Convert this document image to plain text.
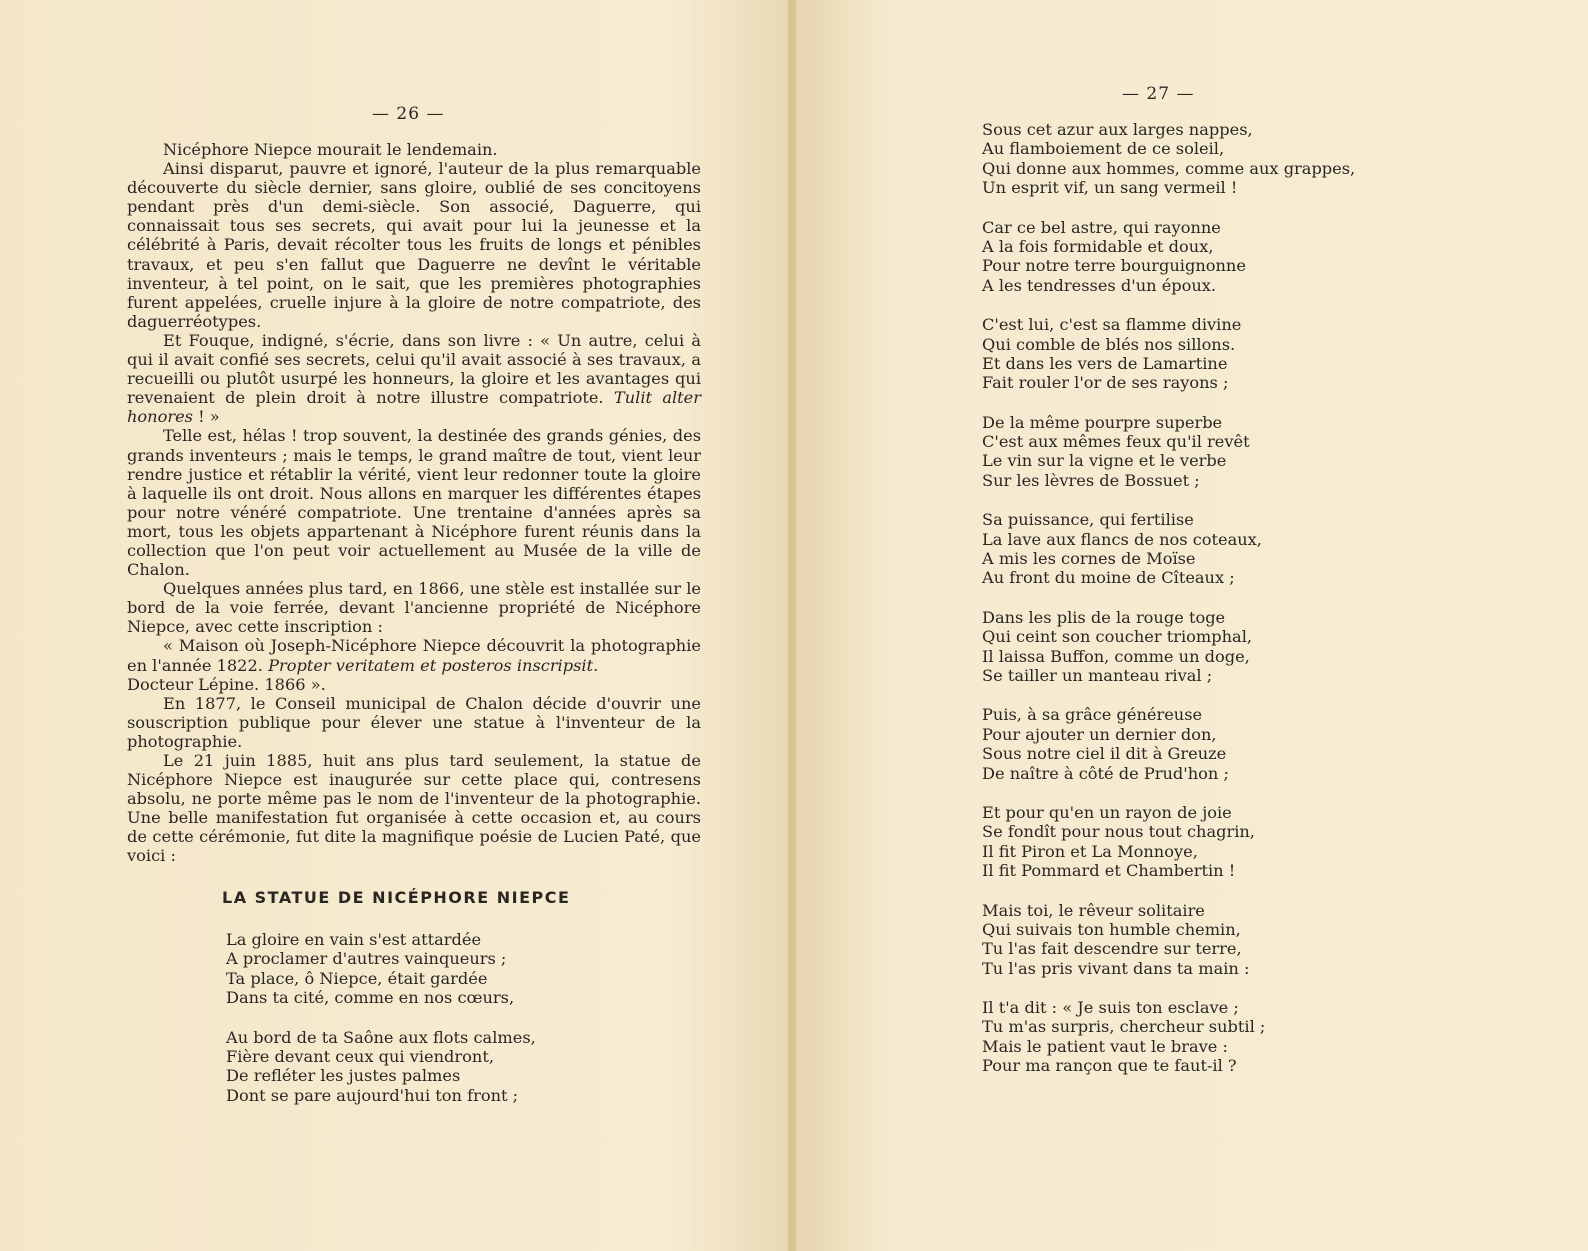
— 26 —

Nicéphore Niepce mourait le lendemain.

Ainsi disparut, pauvre et ignoré, l'auteur de la plus remarquable découverte du siècle dernier, sans gloire, oublié de ses concitoyens pendant près d'un demi-siècle. Son associé, Daguerre, qui connaissait tous ses secrets, qui avait pour lui la jeunesse et la célébrité à Paris, devait récolter tous les fruits de longs et pénibles travaux, et peu s'en fallut que Daguerre ne devînt le véritable inventeur, à tel point, on le sait, que les premières photographies furent appelées, cruelle injure à la gloire de notre compatriote, des daguerréotypes.

Et Fouque, indigné, s'écrie, dans son livre : « Un autre, celui à qui il avait confié ses secrets, celui qu'il avait associé à ses travaux, a recueilli ou plutôt usurpé les honneurs, la gloire et les avantages qui revenaient de plein droit à notre illustre compatriote. Tulit alter honores ! »

Telle est, hélas ! trop souvent, la destinée des grands génies, des grands inventeurs ; mais le temps, le grand maître de tout, vient leur rendre justice et rétablir la vérité, vient leur redonner toute la gloire à laquelle ils ont droit. Nous allons en marquer les différentes étapes pour notre vénéré compatriote. Une trentaine d'années après sa mort, tous les objets appartenant à Nicéphore furent réunis dans la collection que l'on peut voir actuellement au Musée de la ville de Chalon.

Quelques années plus tard, en 1866, une stèle est installée sur le bord de la voie ferrée, devant l'ancienne propriété de Nicéphore Niepce, avec cette inscription :

« Maison où Joseph-Nicéphore Niepce découvrit la photographie en l'année 1822. Propter veritatem et posteros inscripsit.

Docteur Lépine. 1866 ».

En 1877, le Conseil municipal de Chalon décide d'ouvrir une souscription publique pour élever une statue à l'inventeur de la photographie.

Le 21 juin 1885, huit ans plus tard seulement, la statue de Nicéphore Niepce est inaugurée sur cette place qui, contresens absolu, ne porte même pas le nom de l'inventeur de la photographie. Une belle manifestation fut organisée à cette occasion et, au cours de cette cérémonie, fut dite la magnifique poésie de Lucien Paté, que voici :

LA STATUE DE NICÉPHORE NIEPCE
La gloire en vain s'est attardée
A proclamer d'autres vainqueurs ;
Ta place, ô Niepce, était gardée
Dans ta cité, comme en nos cœurs,
Au bord de ta Saône aux flots calmes,
Fière devant ceux qui viendront,
De refléter les justes palmes
Dont se pare aujourd'hui ton front ;
— 27 —
Sous cet azur aux larges nappes,
Au flamboiement de ce soleil,
Qui donne aux hommes, comme aux grappes,
Un esprit vif, un sang vermeil !
Car ce bel astre, qui rayonne
A la fois formidable et doux,
Pour notre terre bourguignonne
A les tendresses d'un époux.
C'est lui, c'est sa flamme divine
Qui comble de blés nos sillons.
Et dans les vers de Lamartine
Fait rouler l'or de ses rayons ;
De la même pourpre superbe
C'est aux mêmes feux qu'il revêt
Le vin sur la vigne et le verbe
Sur les lèvres de Bossuet ;
Sa puissance, qui fertilise
La lave aux flancs de nos coteaux,
A mis les cornes de Moïse
Au front du moine de Cîteaux ;
Dans les plis de la rouge toge
Qui ceint son coucher triomphal,
Il laissa Buffon, comme un doge,
Se tailler un manteau rival ;
Puis, à sa grâce généreuse
Pour ajouter un dernier don,
Sous notre ciel il dit à Greuze
De naître à côté de Prud'hon ;
Et pour qu'en un rayon de joie
Se fondît pour nous tout chagrin,
Il fit Piron et La Monnoye,
Il fit Pommard et Chambertin !
Mais toi, le rêveur solitaire
Qui suivais ton humble chemin,
Tu l'as fait descendre sur terre,
Tu l'as pris vivant dans ta main :
Il t'a dit : « Je suis ton esclave ;
Tu m'as surpris, chercheur subtil ;
Mais le patient vaut le brave :
Pour ma rançon que te faut-il ?
